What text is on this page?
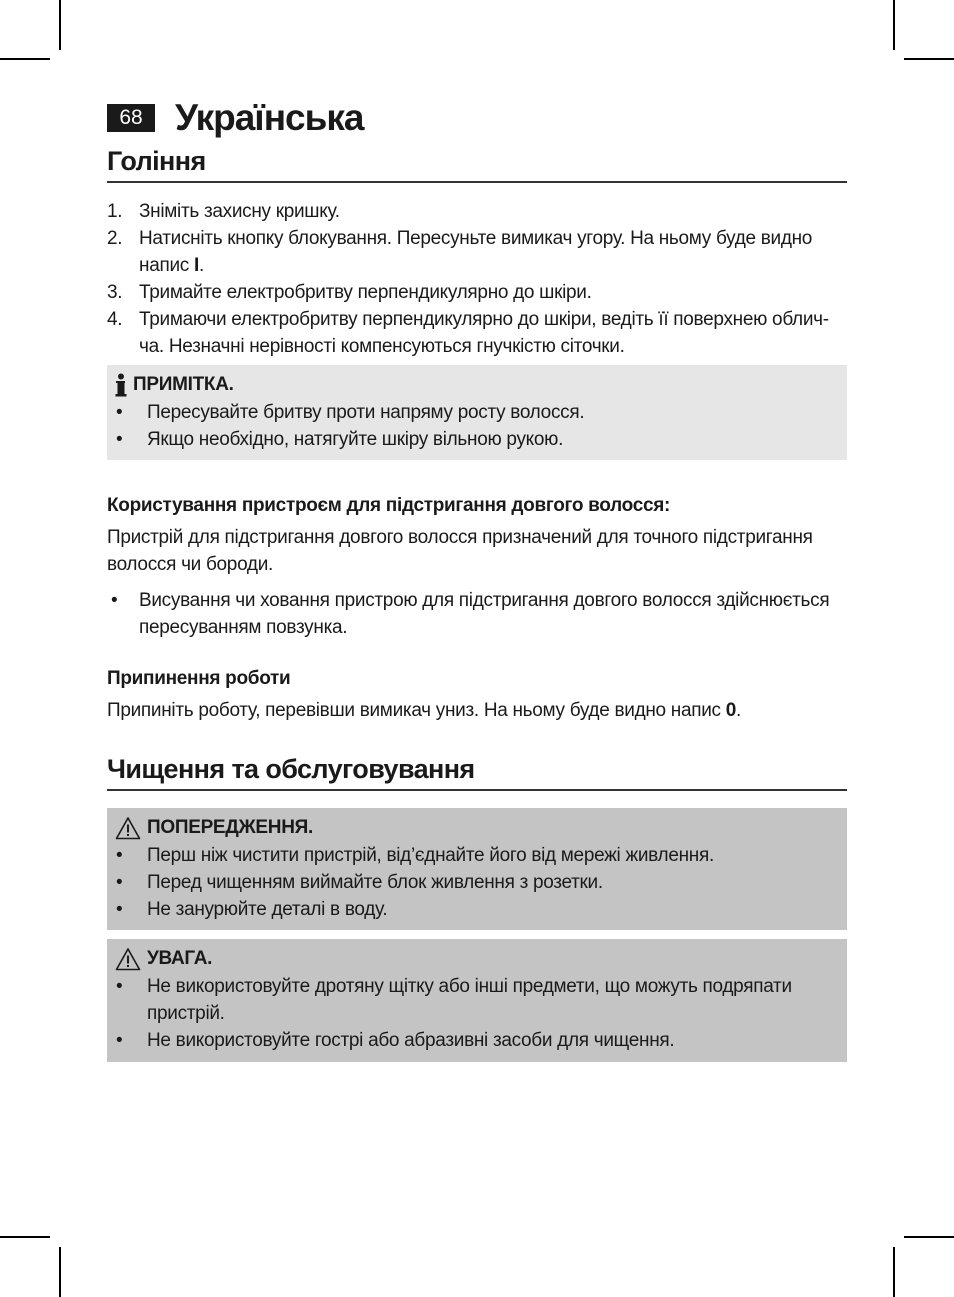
68 Українська
Гоління
1. Зніміть захисну кришку.
2. Натисніть кнопку блокування. Пересуньте вимикач угору. На ньому буде видно напис I.
3. Тримайте електробритву перпендикулярно до шкіри.
4. Тримаючи електробритву перпендикулярно до шкіри, ведіть її поверхнею облич-ча. Незначні нерівності компенсуються гнучкістю сіточки.
ПРИМІТКА.
• Пересувайте бритву проти напряму росту волосся.
• Якщо необхідно, натягуйте шкіру вільною рукою.
Користування пристроєм для підстригання довгого волосся:
Пристрій для підстригання довгого волосся призначений для точного підстригання волосся чи бороди.
• Висування чи ховання пристрою для підстригання довгого волосся здійснюється пересуванням повзунка.
Припинення роботи
Припиніть роботу, перевівши вимикач униз. На ньому буде видно напис 0.
Чищення та обслуговування
ПОПЕРЕДЖЕННЯ.
• Перш ніж чистити пристрій, від’єднайте його від мережі живлення.
• Перед чищенням виймайте блок живлення з розетки.
• Не занурюйте деталі в воду.
УВАГА.
• Не використовуйте дротяну щітку або інші предмети, що можуть подряпати пристрій.
• Не використовуйте гострі або абразивні засоби для чищення.
